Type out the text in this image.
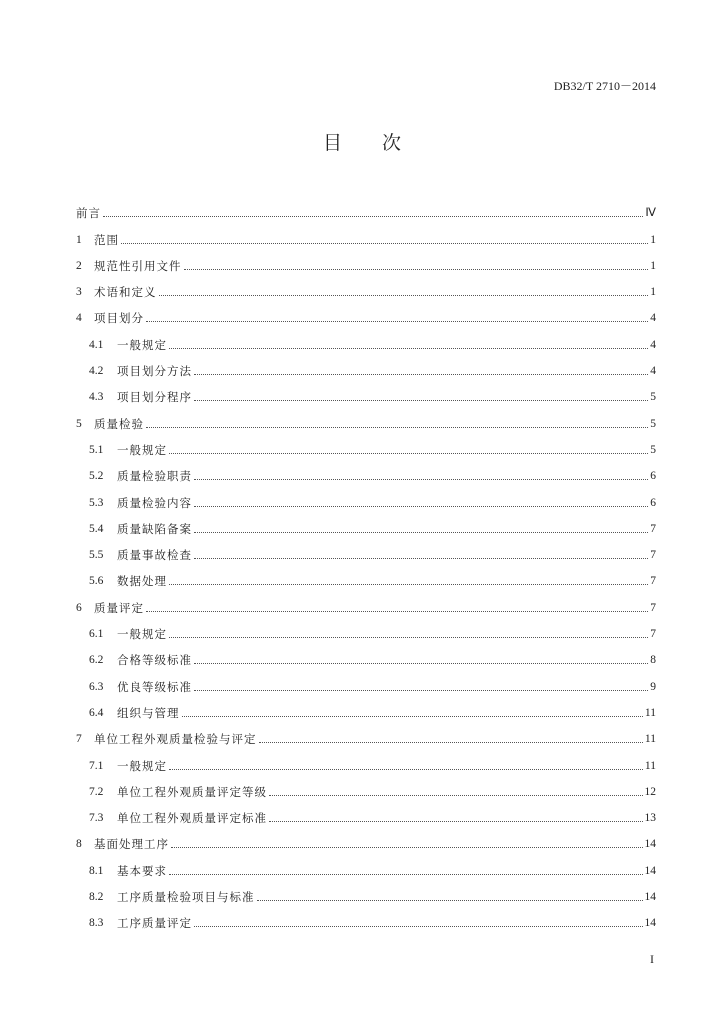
DB32/T 2710－2014
目 次
前言	Ⅳ
1	范围	1
2	规范性引用文件	1
3	术语和定义	1
4	项目划分	4
4.1	一般规定	4
4.2	项目划分方法	4
4.3	项目划分程序	5
5	质量检验	5
5.1	一般规定	5
5.2	质量检验职责	6
5.3	质量检验内容	6
5.4	质量缺陷备案	7
5.5	质量事故检查	7
5.6	数据处理	7
6	质量评定	7
6.1	一般规定	7
6.2	合格等级标准	8
6.3	优良等级标准	9
6.4	组织与管理	11
7	单位工程外观质量检验与评定	11
7.1	一般规定	11
7.2	单位工程外观质量评定等级	12
7.3	单位工程外观质量评定标准	13
8	基面处理工序	14
8.1	基本要求	14
8.2	工序质量检验项目与标准	14
8.3	工序质量评定	14
I
